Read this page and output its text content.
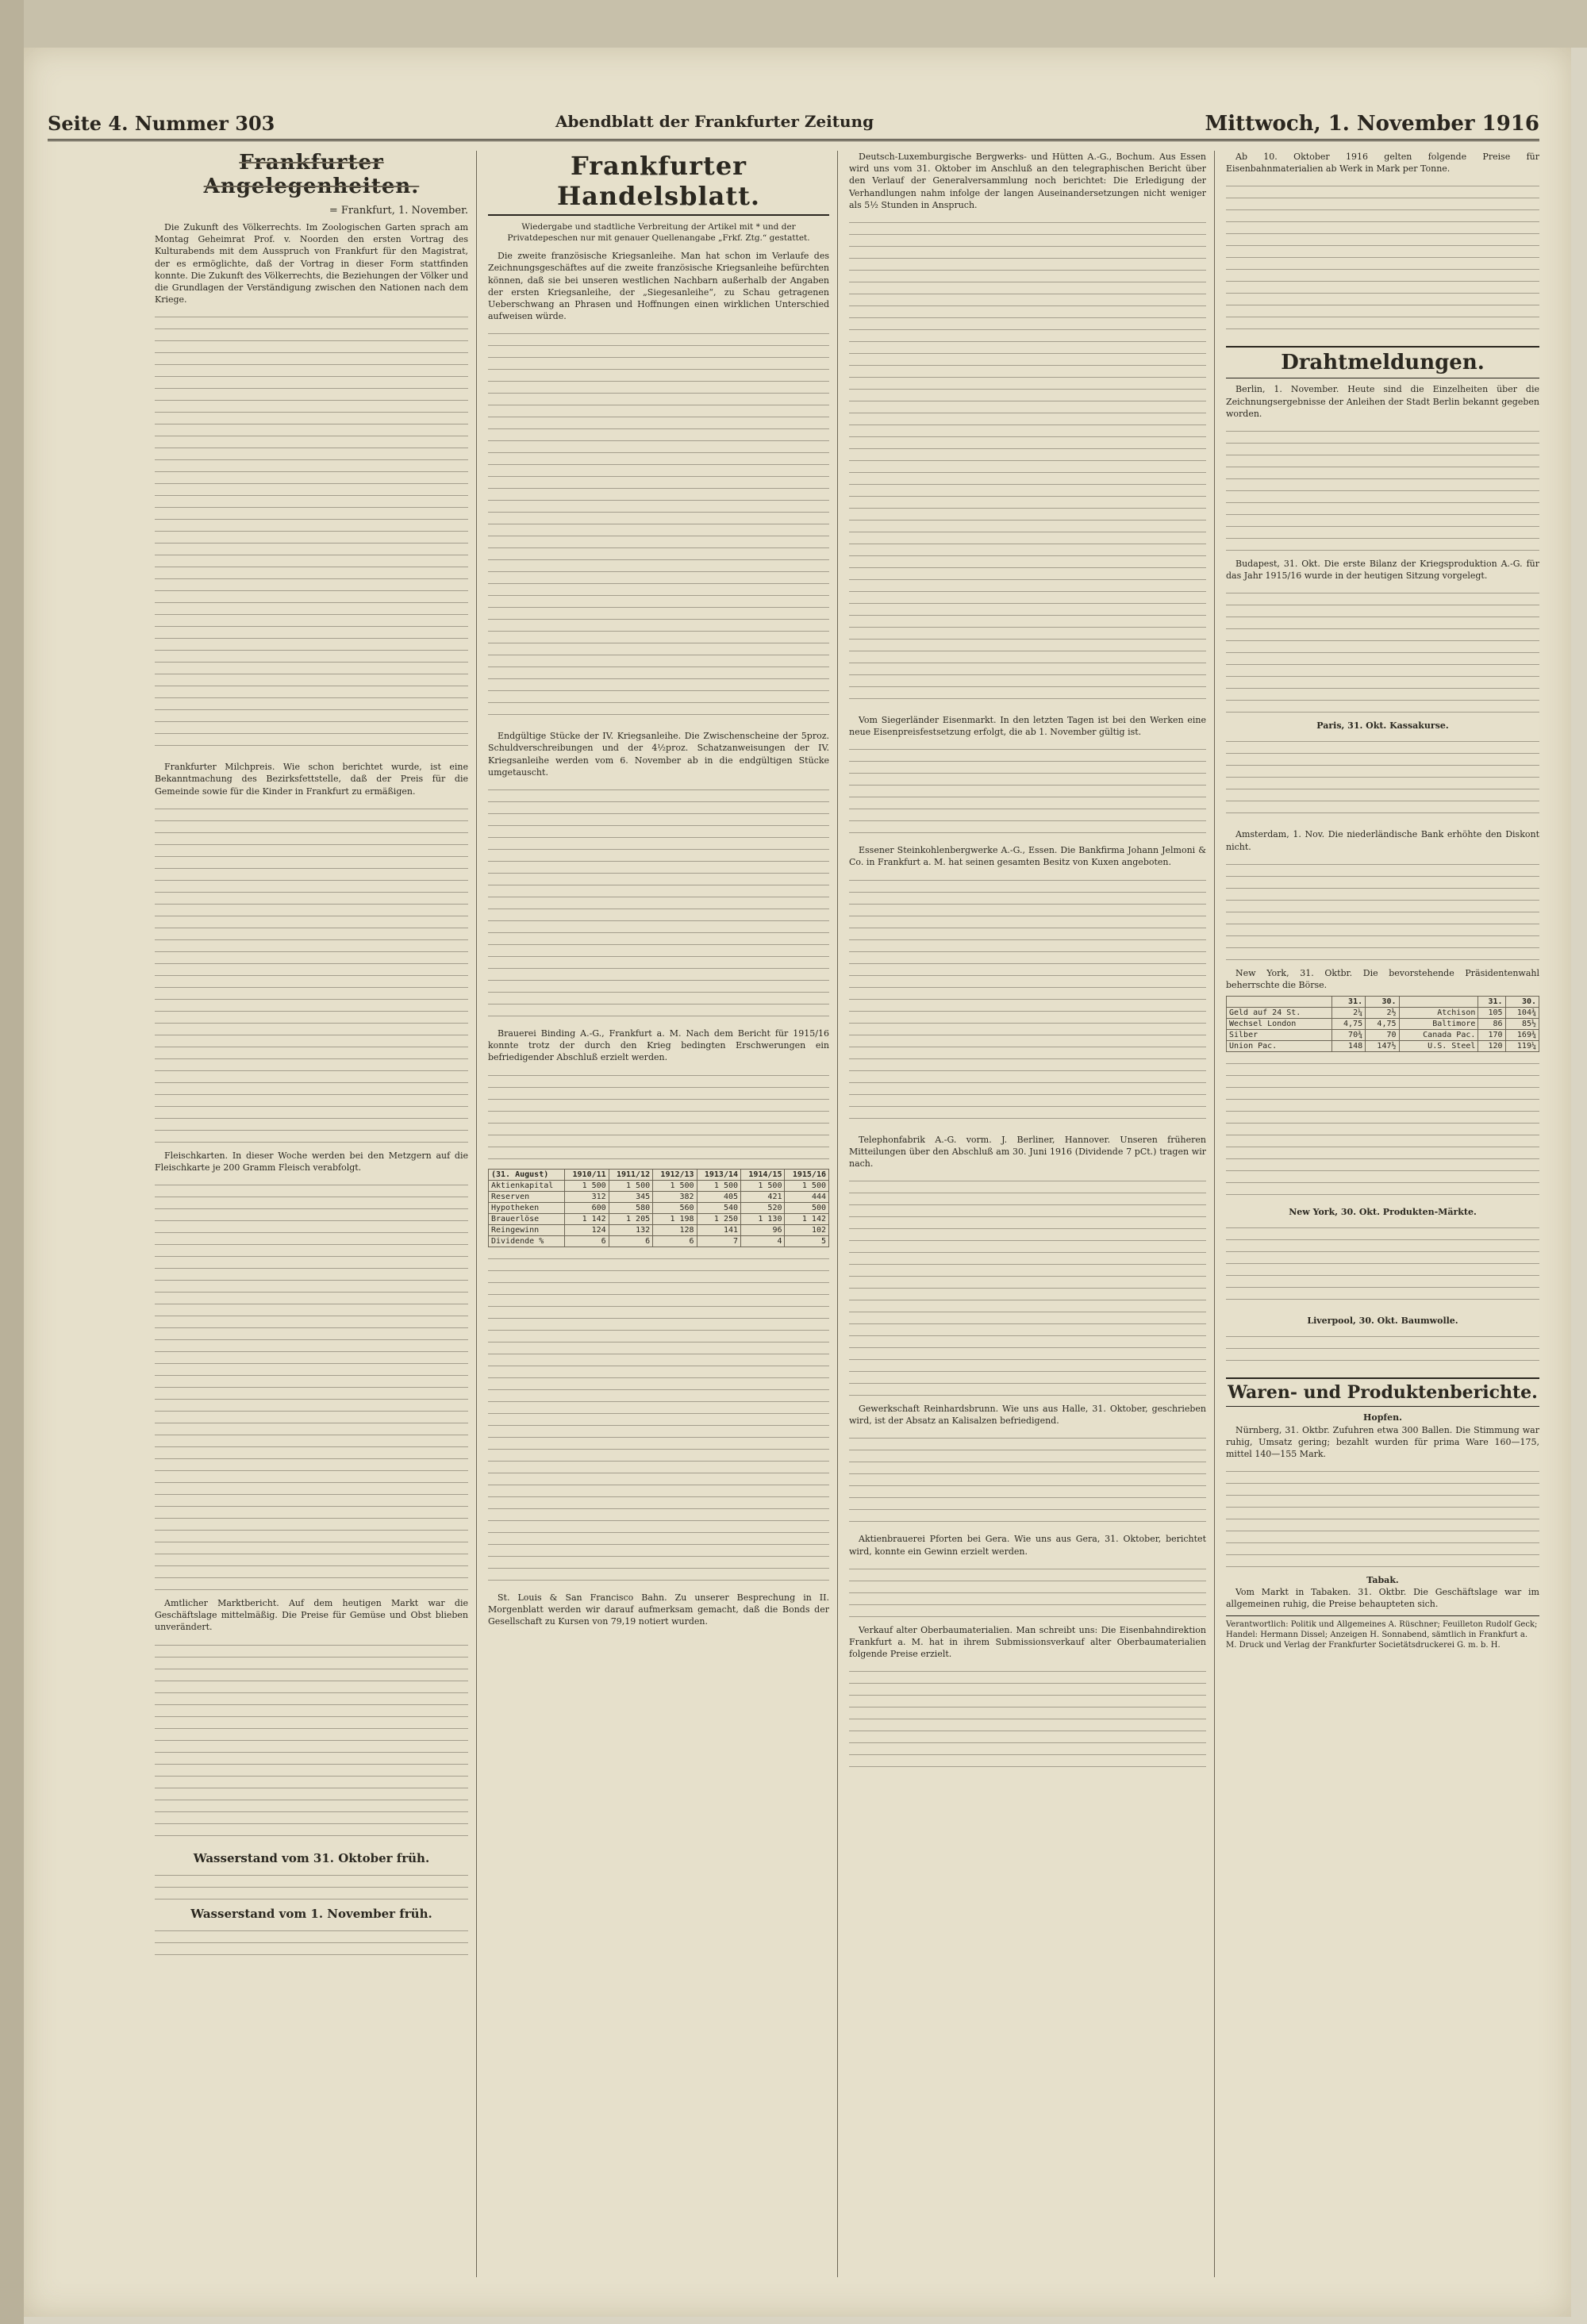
Seite 4. Nummer 303	Abendblatt der Frankfurter Zeitung	Mittwoch, 1. November 1916
Frankfurter Angelegenheiten.
= Frankfurt, 1. November.

Die Zukunft des Völkerrechts. Im Zoologischen Garten sprach am Montag Geheimrat Prof. v. Noorden den ersten Vortrag des Kulturabends mit dem Ausspruch von Frankfurt für den Magistrat, der es ermöglichte, daß der Vortrag in dieser Form stattfinden konnte. Die Zukunft des Völkerrechts, die Beziehungen der Völker und die Grundlagen der Verständigung zwischen den Nationen nach dem Kriege.

Frankfurter Milchpreis. Wie schon berichtet wurde, ist eine Bekanntmachung des Bezirksfettstelle, daß der Preis für die Gemeinde sowie für die Kinder in Frankfurt zu ermäßigen.

Fleischkarten. In dieser Woche werden bei den Metzgern auf die Fleischkarte je 200 Gramm Fleisch verabfolgt.

Amtlicher Marktbericht. Auf dem heutigen Markt war die Geschäftslage mittelmäßig. Die Preise für Gemüse und Obst blieben unverändert.

Wasserstand vom 31. Oktober früh.
Wasserstand vom 1. November früh.
Frankfurter Handelsblatt.
Wiedergabe und stadtliche Verbreitung der Artikel mit * und der Privatdepeschen nur mit genauer Quellenangabe „Frkf. Ztg.“ gestattet.

Die zweite französische Kriegsanleihe. Man hat schon im Verlaufe des Zeichnungsgeschäftes auf die zweite französische Kriegsanleihe befürchten können, daß sie bei unseren westlichen Nachbarn außerhalb der Angaben der ersten Kriegsanleihe, der „Siegesanleihe“, zu Schau getragenen Ueberschwang an Phrasen und Hoffnungen einen wirklichen Unterschied aufweisen würde.

Endgültige Stücke der IV. Kriegsanleihe. Die Zwischenscheine der 5proz. Schuldverschreibungen und der 4½proz. Schatzanweisungen der IV. Kriegsanleihe werden vom 6. November ab in die endgültigen Stücke umgetauscht.

Brauerei Binding A.-G., Frankfurt a. M. Nach dem Bericht für 1915/16 konnte trotz der durch den Krieg bedingten Erschwerungen ein befriedigender Abschluß erzielt werden.

(31. August)	1910/11	1911/12	1912/13	1913/14	1914/15	1915/16
Aktienkapital	1 500	1 500	1 500	1 500	1 500	1 500
Reserven	312	345	382	405	421	444
Hypotheken	600	580	560	540	520	500
Brauerlöse	1 142	1 205	1 198	1 250	1 130	1 142
Reingewinn	124	132	128	141	96	102
Dividende %	6	6	6	7	4	5

St. Louis & San Francisco Bahn. Zu unserer Besprechung in II. Morgenblatt werden wir darauf aufmerksam gemacht, daß die Bonds der Gesellschaft zu Kursen von 79,19 notiert wurden.

Deutsch-Luxemburgische Bergwerks- und Hütten A.-G., Bochum. Aus Essen wird uns vom 31. Oktober im Anschluß an den telegraphischen Bericht über den Verlauf der Generalversammlung noch berichtet: Die Erledigung der Verhandlungen nahm infolge der langen Auseinandersetzungen nicht weniger als 5½ Stunden in Anspruch.

Vom Siegerländer Eisenmarkt. In den letzten Tagen ist bei den Werken eine neue Eisenpreisfestsetzung erfolgt, die ab 1. November gültig ist.

Essener Steinkohlenbergwerke A.-G., Essen. Die Bankfirma Johann Jelmoni & Co. in Frankfurt a. M. hat seinen gesamten Besitz von Kuxen angeboten.

Telephonfabrik A.-G. vorm. J. Berliner, Hannover. Unseren früheren Mitteilungen über den Abschluß am 30. Juni 1916 (Dividende 7 pCt.) tragen wir nach.

Gewerkschaft Reinhardsbrunn. Wie uns aus Halle, 31. Oktober, geschrieben wird, ist der Absatz an Kalisalzen befriedigend.

Aktienbrauerei Pforten bei Gera. Wie uns aus Gera, 31. Oktober, berichtet wird, konnte ein Gewinn erzielt werden.

Verkauf alter Oberbaumaterialien. Man schreibt uns: Die Eisenbahndirektion Frankfurt a. M. hat in ihrem Submissionsverkauf alter Oberbaumaterialien folgende Preise erzielt.

Ab 10. Oktober 1916 gelten folgende Preise für Eisenbahnmaterialien ab Werk in Mark per Tonne.

Drahtmeldungen.

Berlin, 1. November. Heute sind die Einzelheiten über die Zeichnungsergebnisse der Anleihen der Stadt Berlin bekannt gegeben worden.

Budapest, 31. Okt. Die erste Bilanz der Kriegsproduktion A.-G. für das Jahr 1915/16 wurde in der heutigen Sitzung vorgelegt.

Paris, 31. Okt. Kassakurse.

Amsterdam, 1. Nov. Die niederländische Bank erhöhte den Diskont nicht.

New York, 31. Oktbr. Die bevorstehende Präsidentenwahl beherrschte die Börse.

	31.	30.		31.	30.
Geld auf 24 St.	2¼	2½	Atchison	105	104¾
Wechsel London	4,75	4,75	Baltimore	86	85½
Silber	70¾	70	Canada Pac.	170	169¾
Union Pac.	148	147½	U.S. Steel	120	119¼
New York, 30. Okt. Produkten-Märkte.
Liverpool, 30. Okt. Baumwolle.
Waren- und Produktenberichte.
Hopfen.

Nürnberg, 31. Oktbr. Zufuhren etwa 300 Ballen. Die Stimmung war ruhig, Umsatz gering; bezahlt wurden für prima Ware 160—175, mittel 140—155 Mark.

Tabak.

Vom Markt in Tabaken. 31. Oktbr. Die Geschäftslage war im allgemeinen ruhig, die Preise behaupteten sich.

Verantwortlich: Politik und Allgemeines A. Rüschner; Feuilleton Rudolf Geck; Handel: Hermann Dissel; Anzeigen H. Sonnabend, sämtlich in Frankfurt a. M. Druck und Verlag der Frankfurter Societätsdruckerei G. m. b. H.
